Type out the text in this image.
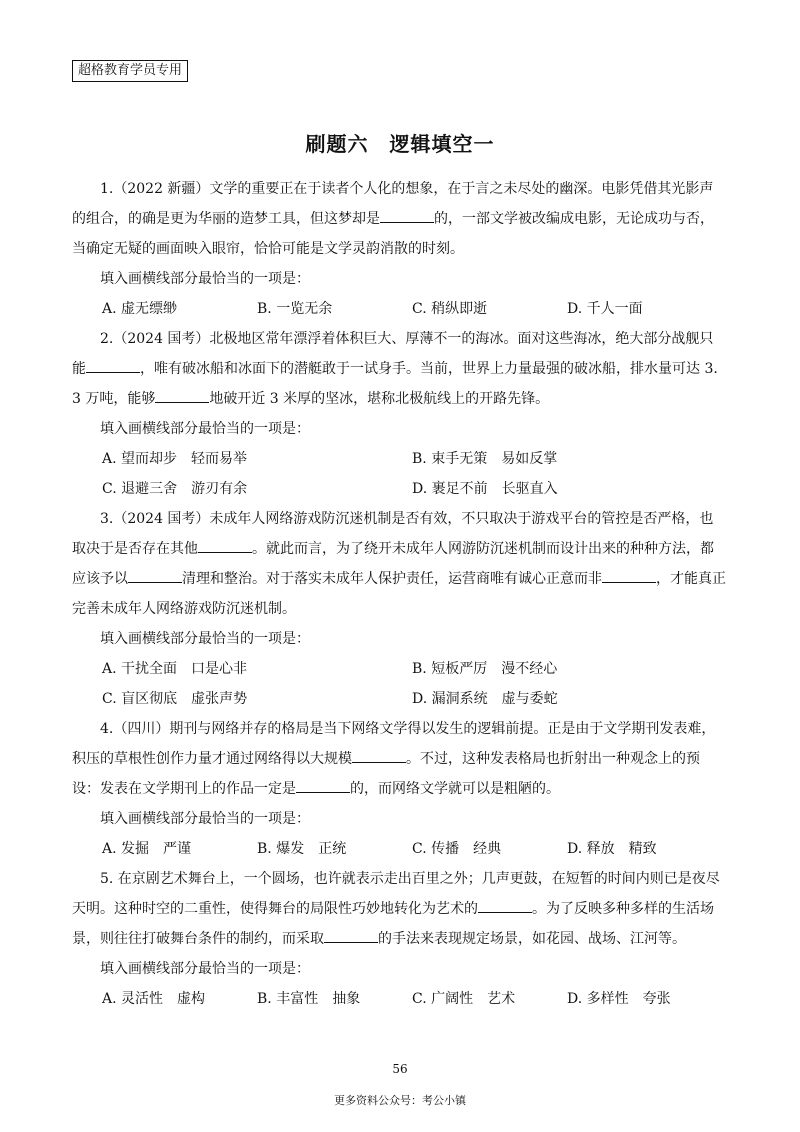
超格教育学员专用
刷题六　逻辑填空一

1.（2022 新疆）文学的重要正在于读者个人化的想象，在于言之未尽处的幽深。电影凭借其光影声的组合，的确是更为华丽的造梦工具，但这梦却是	的，一部文学被改编成电影，无论成功与否，当确定无疑的画面映入眼帘，恰恰可能是文学灵韵消散的时刻。

填入画横线部分最恰当的一项是：

A. 虚无缥缈	B. 一览无余	C. 稍纵即逝	D. 千人一面

2.（2024 国考）北极地区常年漂浮着体积巨大、厚薄不一的海冰。面对这些海冰，绝大部分战舰只能	，唯有破冰船和冰面下的潜艇敢于一试身手。当前，世界上力量最强的破冰船，排水量可达 3. 3 万吨，能够	地破开近 3 米厚的坚冰，堪称北极航线上的开路先锋。

填入画横线部分最恰当的一项是：

A. 望而却步　轻而易举	B. 束手无策　易如反掌
C. 退避三舍　游刃有余	D. 裹足不前　长驱直入

3.（2024 国考）未成年人网络游戏防沉迷机制是否有效，不只取决于游戏平台的管控是否严格，也取决于是否存在其他	。就此而言，为了绕开未成年人网游防沉迷机制而设计出来的种种方法，都应该予以	清理和整治。对于落实未成年人保护责任，运营商唯有诚心正意而非	，才能真正完善未成年人网络游戏防沉迷机制。

填入画横线部分最恰当的一项是：

A. 干扰全面　口是心非	B. 短板严厉　漫不经心
C. 盲区彻底　虚张声势	D. 漏洞系统　虚与委蛇

4.（四川）期刊与网络并存的格局是当下网络文学得以发生的逻辑前提。正是由于文学期刊发表难，积压的草根性创作力量才通过网络得以大规模	。不过，这种发表格局也折射出一种观念上的预设：发表在文学期刊上的作品一定是	的，而网络文学就可以是粗陋的。

填入画横线部分最恰当的一项是：

A. 发掘　严谨	B. 爆发　正统	C. 传播　经典	D. 释放　精致

5. 在京剧艺术舞台上，一个圆场，也许就表示走出百里之外；几声更鼓，在短暂的时间内则已是夜尽天明。这种时空的二重性，使得舞台的局限性巧妙地转化为艺术的	。为了反映多种多样的生活场景，则往往打破舞台条件的制约，而采取	的手法来表现规定场景，如花园、战场、江河等。

填入画横线部分最恰当的一项是：

A. 灵活性　虚构	B. 丰富性　抽象	C. 广阔性　艺术	D. 多样性　夸张
56
更多资料公众号：考公小镇
